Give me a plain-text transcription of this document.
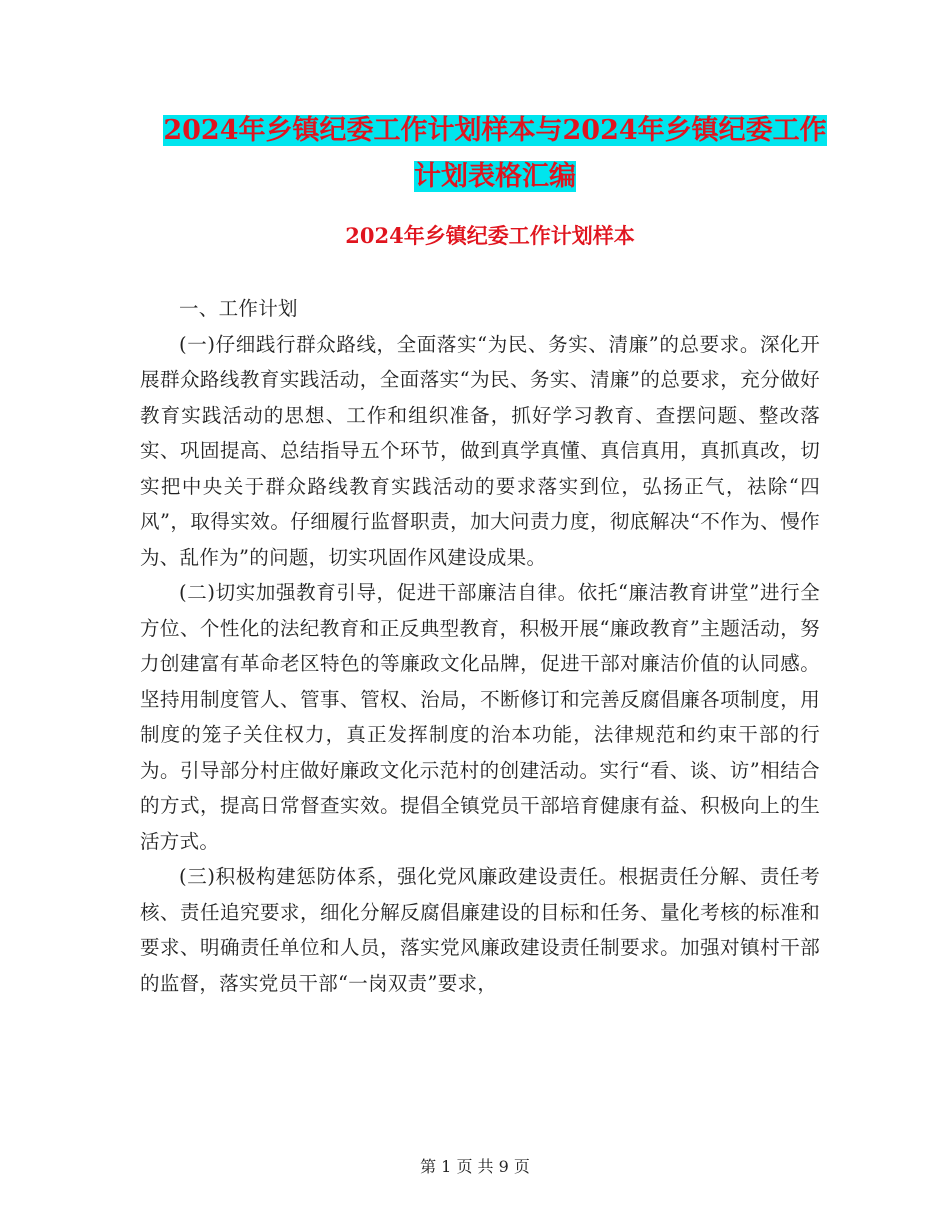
2024年乡镇纪委工作计划样本与2024年乡镇纪委工作
计划表格汇编
2024年乡镇纪委工作计划样本

一、工作计划

(一)仔细践行群众路线，全面落实“为民、务实、清廉”的总要求。深化开展群众路线教育实践活动，全面落实“为民、务实、清廉”的总要求，充分做好教育实践活动的思想、工作和组织准备，抓好学习教育、查摆问题、整改落实、巩固提高、总结指导五个环节，做到真学真懂、真信真用，真抓真改，切实把中央关于群众路线教育实践活动的要求落实到位，弘扬正气，祛除“四风”，取得实效。仔细履行监督职责，加大问责力度，彻底解决“不作为、慢作为、乱作为”的问题，切实巩固作风建设成果。

(二)切实加强教育引导，促进干部廉洁自律。依托“廉洁教育讲堂”进行全方位、个性化的法纪教育和正反典型教育，积极开展“廉政教育”主题活动，努力创建富有革命老区特色的等廉政文化品牌，促进干部对廉洁价值的认同感。坚持用制度管人、管事、管权、治局，不断修订和完善反腐倡廉各项制度，用制度的笼子关住权力，真正发挥制度的治本功能，法律规范和约束干部的行为。引导部分村庄做好廉政文化示范村的创建活动。实行“看、谈、访”相结合的方式，提高日常督查实效。提倡全镇党员干部培育健康有益、积极向上的生活方式。

(三)积极构建惩防体系，强化党风廉政建设责任。根据责任分解、责任考核、责任追究要求，细化分解反腐倡廉建设的目标和任务、量化考核的标准和要求、明确责任单位和人员，落实党风廉政建设责任制要求。加强对镇村干部的监督，落实党员干部“一岗双责”要求，

第 1 页 共 9 页
